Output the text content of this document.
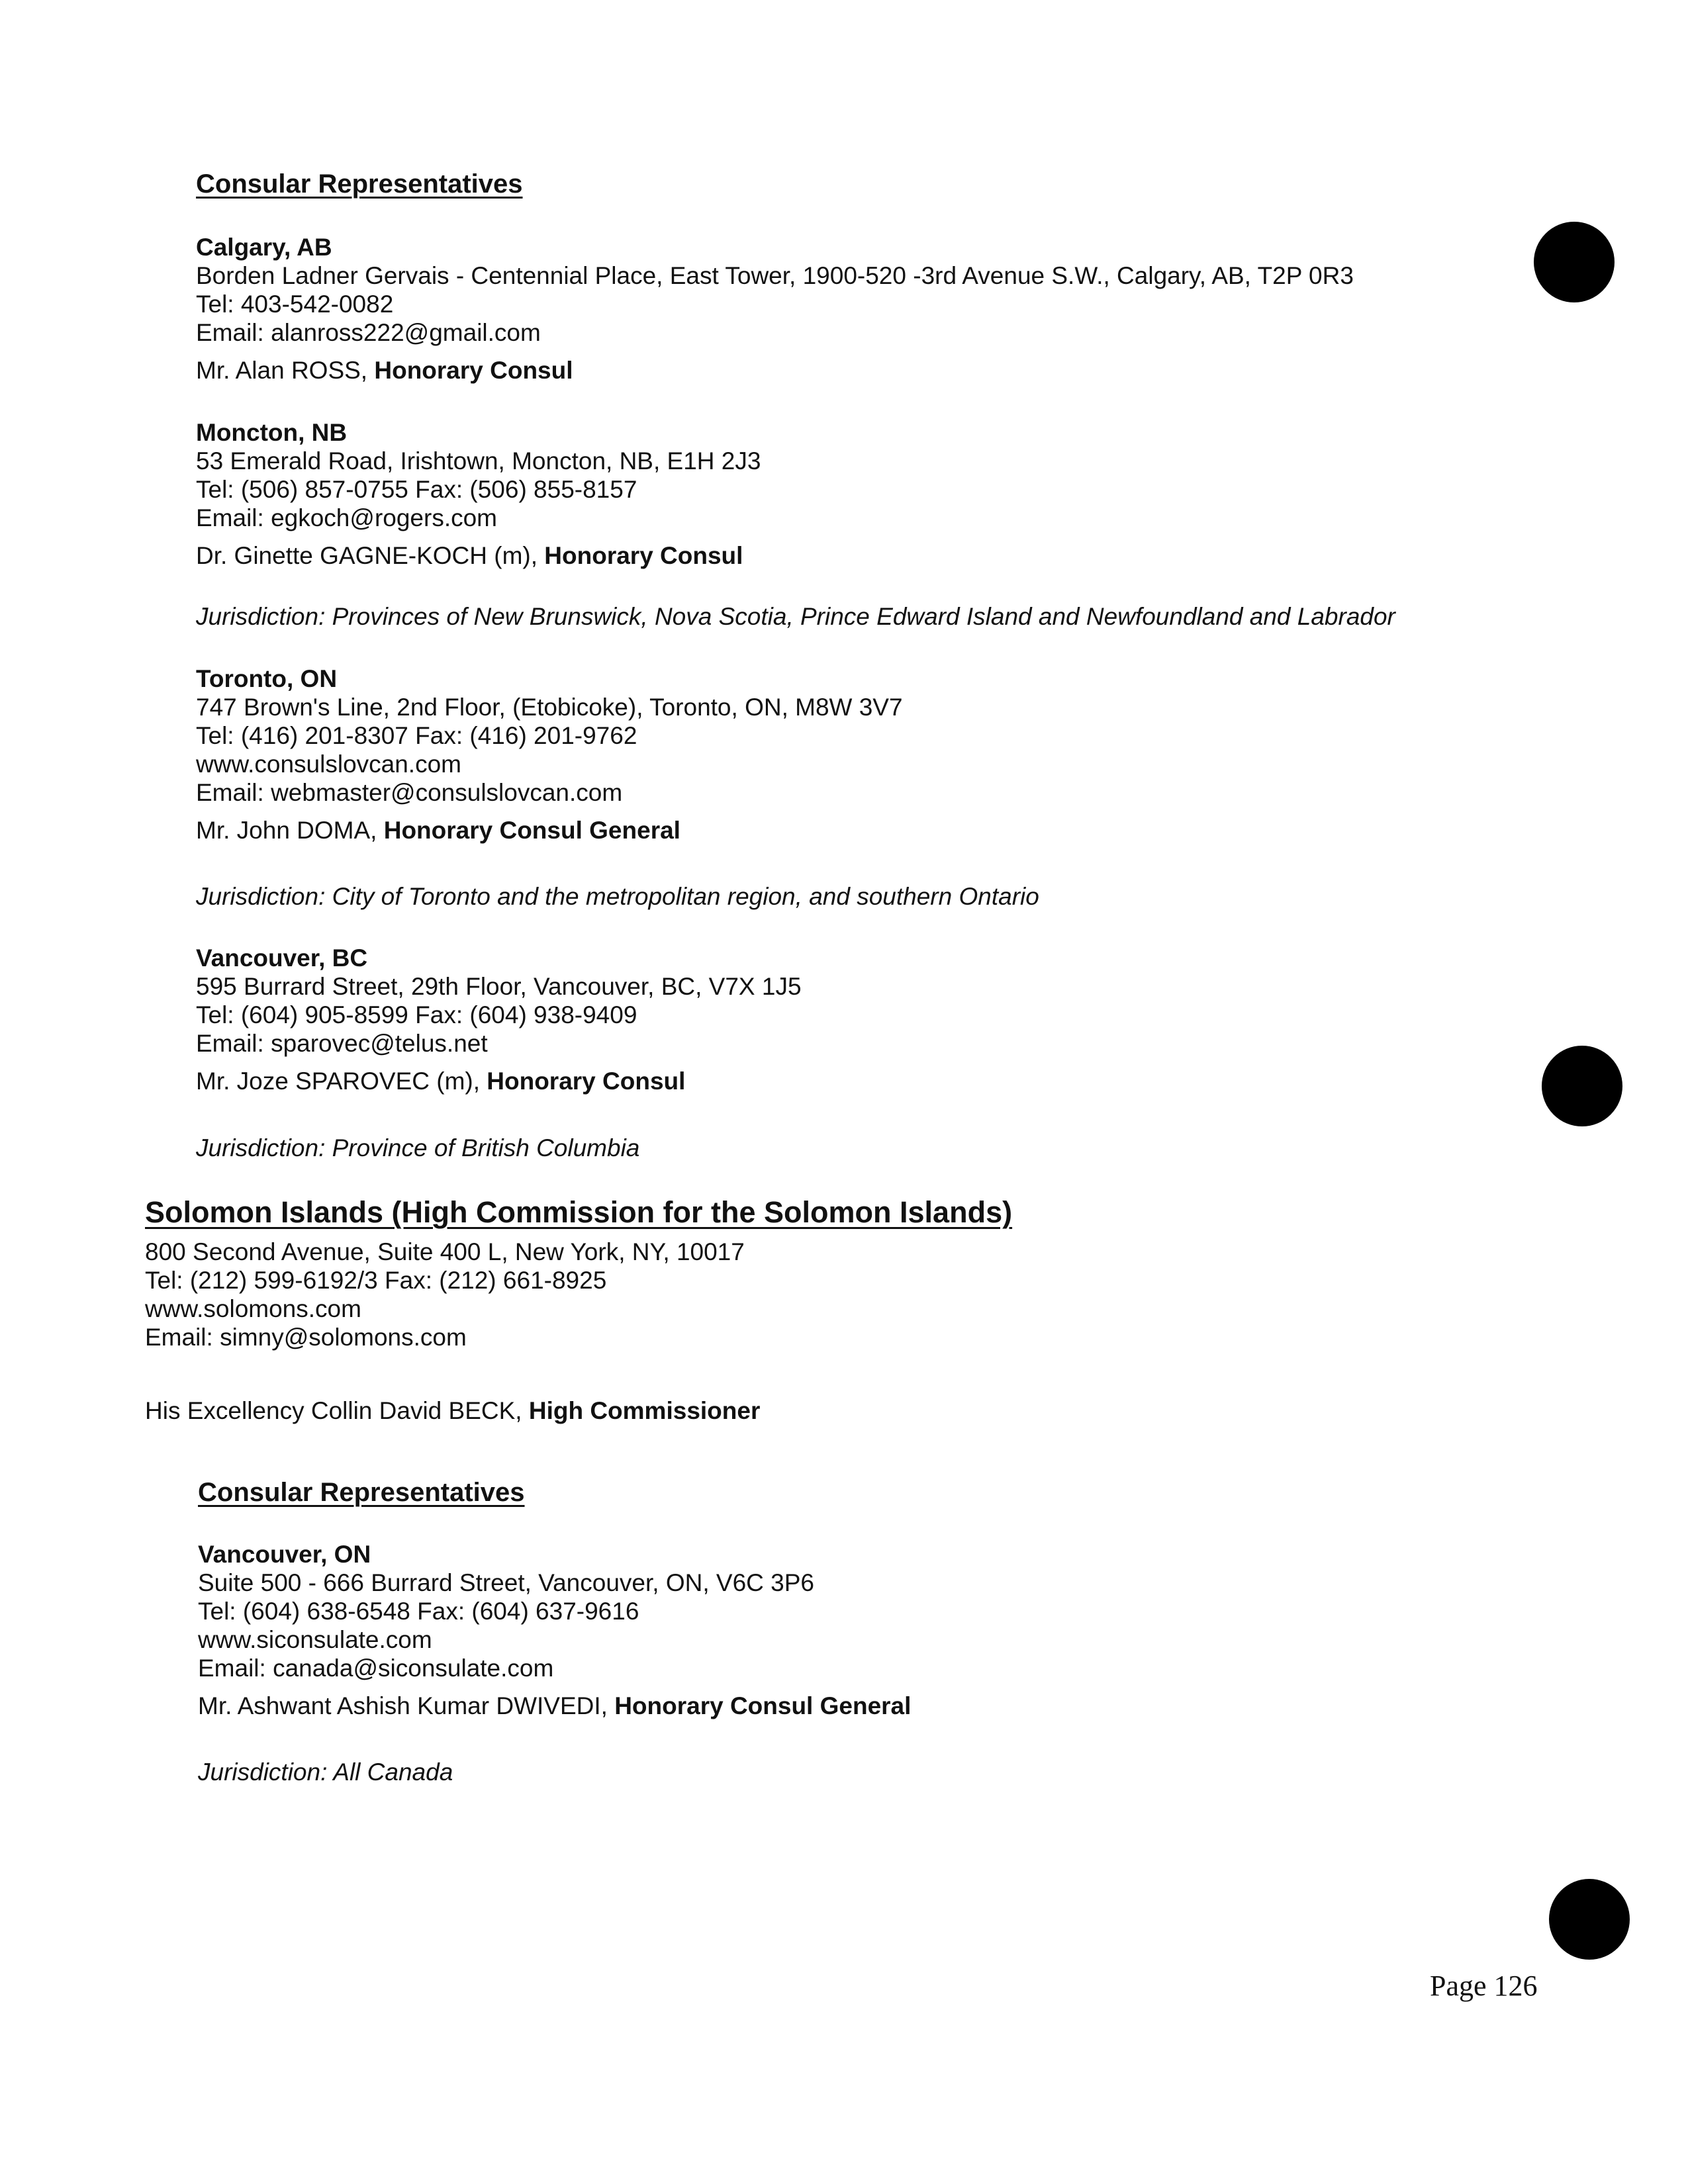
Consular Representatives
Calgary, AB
Borden Ladner Gervais - Centennial Place, East Tower, 1900-520 -3rd Avenue S.W., Calgary, AB, T2P 0R3
Tel: 403-542-0082
Email: alanross222@gmail.com
Mr. Alan ROSS, Honorary Consul
Moncton, NB
53 Emerald Road, Irishtown, Moncton, NB, E1H 2J3
Tel: (506) 857-0755 Fax: (506) 855-8157
Email: egkoch@rogers.com
Dr. Ginette GAGNE-KOCH (m), Honorary Consul
Jurisdiction: Provinces of New Brunswick, Nova Scotia, Prince Edward Island and Newfoundland and Labrador
Toronto, ON
747 Brown's Line, 2nd Floor, (Etobicoke), Toronto, ON, M8W 3V7
Tel: (416) 201-8307 Fax: (416) 201-9762
www.consulslovcan.com
Email: webmaster@consulslovcan.com
Mr. John DOMA, Honorary Consul General
Jurisdiction: City of Toronto and the metropolitan region, and southern Ontario
Vancouver, BC
595 Burrard Street, 29th Floor, Vancouver, BC, V7X 1J5
Tel: (604) 905-8599 Fax: (604) 938-9409
Email: sparovec@telus.net
Mr. Joze SPAROVEC (m), Honorary Consul
Jurisdiction: Province of British Columbia
Solomon Islands (High Commission for the Solomon Islands)
800 Second Avenue, Suite 400 L, New York, NY, 10017
Tel: (212) 599-6192/3 Fax: (212) 661-8925
www.solomons.com
Email: simny@solomons.com
His Excellency Collin David BECK, High Commissioner
Consular Representatives
Vancouver, ON
Suite 500 - 666 Burrard Street, Vancouver, ON, V6C 3P6
Tel: (604) 638-6548 Fax: (604) 637-9616
www.siconsulate.com
Email: canada@siconsulate.com
Mr. Ashwant Ashish Kumar DWIVEDI, Honorary Consul General
Jurisdiction: All Canada
Page 126
